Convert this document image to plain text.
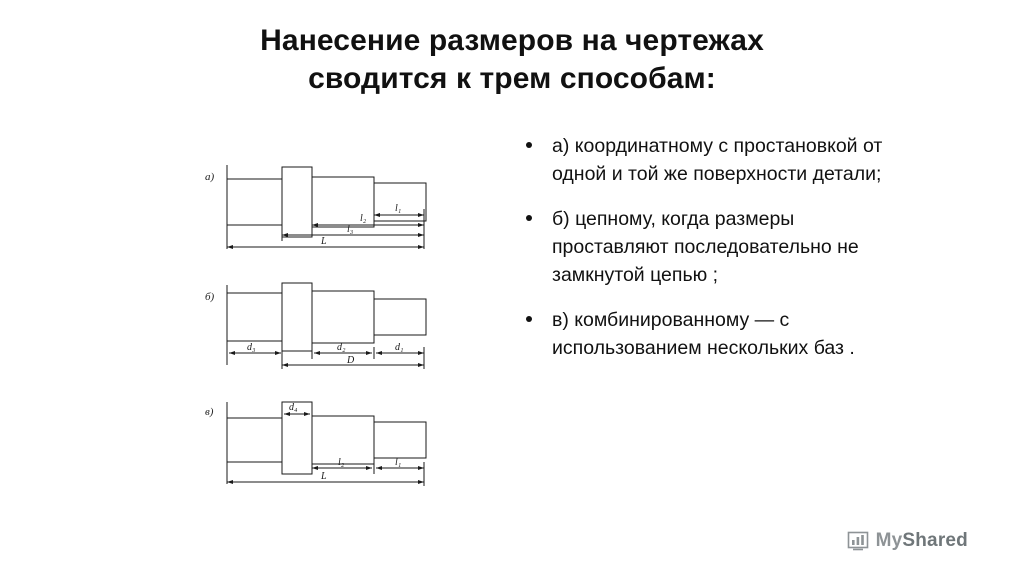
Нанесение размеров на чертежах
сводится к трем способам:
а)
l₁
l₂
l₃
L
б)
d₃	d₂	d₁
D
в)	d₄
l₂	l₁
L
а) координатному с простановкой от одной и той же поверхности детали;
б) цепному, когда размеры проставляют последовательно не замкнутой цепью ;
в) комбинированному — с использованием нескольких баз .
MyShared
